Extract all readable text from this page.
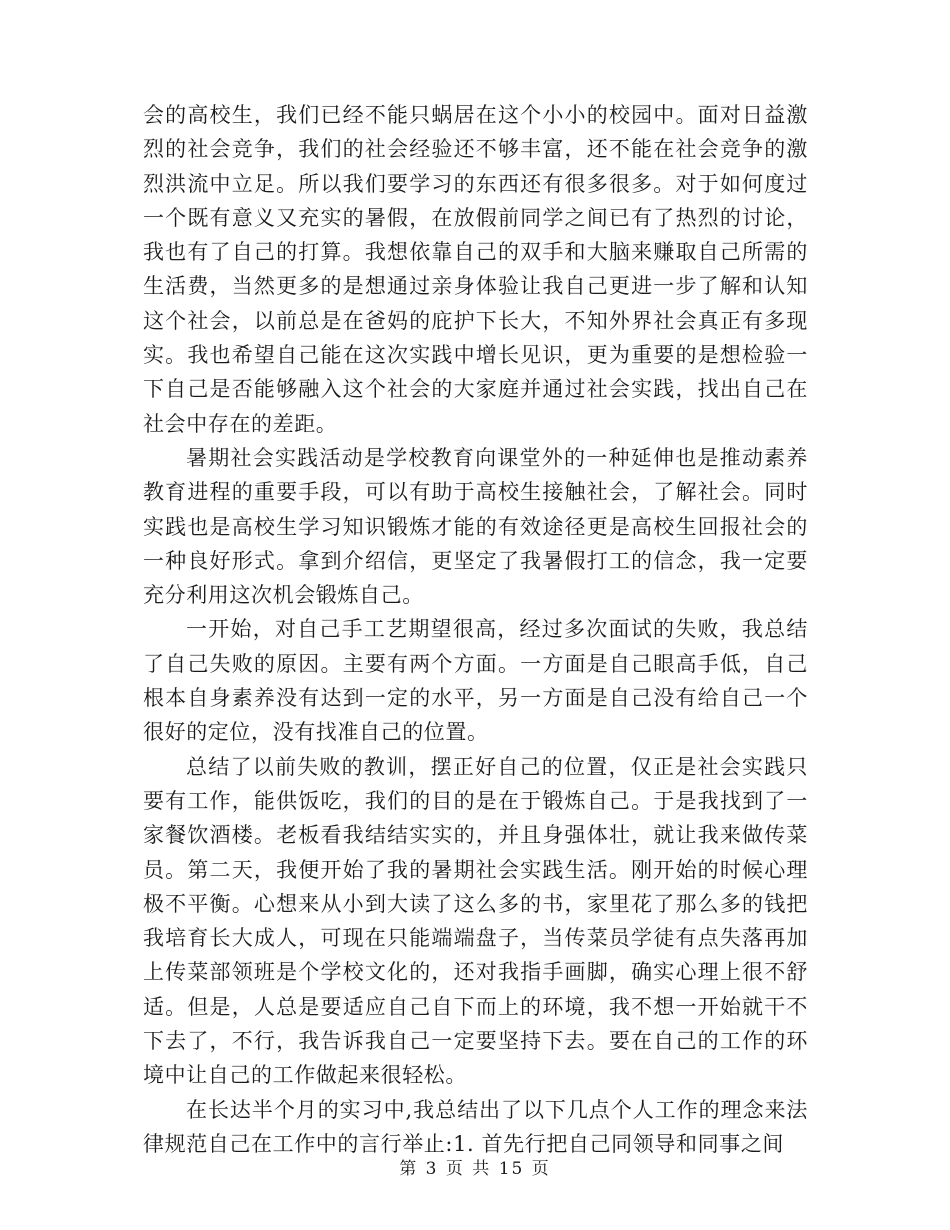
会的高校生，我们已经不能只蜗居在这个小小的校园中。面对日益激烈的社会竞争，我们的社会经验还不够丰富，还不能在社会竞争的激烈洪流中立足。所以我们要学习的东西还有很多很多。对于如何度过一个既有意义又充实的暑假，在放假前同学之间已有了热烈的讨论，我也有了自己的打算。我想依靠自己的双手和大脑来赚取自己所需的生活费，当然更多的是想通过亲身体验让我自己更进一步了解和认知这个社会，以前总是在爸妈的庇护下长大，不知外界社会真正有多现实。我也希望自己能在这次实践中增长见识，更为重要的是想检验一下自己是否能够融入这个社会的大家庭并通过社会实践，找出自己在社会中存在的差距。

暑期社会实践活动是学校教育向课堂外的一种延伸也是推动素养教育进程的重要手段，可以有助于高校生接触社会，了解社会。同时实践也是高校生学习知识锻炼才能的有效途径更是高校生回报社会的一种良好形式。拿到介绍信，更坚定了我暑假打工的信念，我一定要充分利用这次机会锻炼自己。

一开始，对自己手工艺期望很高，经过多次面试的失败，我总结了自己失败的原因。主要有两个方面。一方面是自己眼高手低，自己根本自身素养没有达到一定的水平，另一方面是自己没有给自己一个很好的定位，没有找准自己的位置。

总结了以前失败的教训，摆正好自己的位置，仅正是社会实践只要有工作，能供饭吃，我们的目的是在于锻炼自己。于是我找到了一家餐饮酒楼。老板看我结结实实的，并且身强体壮，就让我来做传菜员。第二天，我便开始了我的暑期社会实践生活。刚开始的时候心理极不平衡。心想来从小到大读了这么多的书，家里花了那么多的钱把我培育长大成人，可现在只能端端盘子，当传菜员学徒有点失落再加上传菜部领班是个学校文化的，还对我指手画脚，确实心理上很不舒适。但是，人总是要适应自己自下而上的环境，我不想一开始就干不下去了，不行，我告诉我自己一定要坚持下去。要在自己的工作的环境中让自己的工作做起来很轻松。

在长达半个月的实习中,我总结出了以下几点个人工作的理念来法律规范自己在工作中的言行举止:1. 首先行把自己同领导和同事之间

第 3 页 共 15 页
